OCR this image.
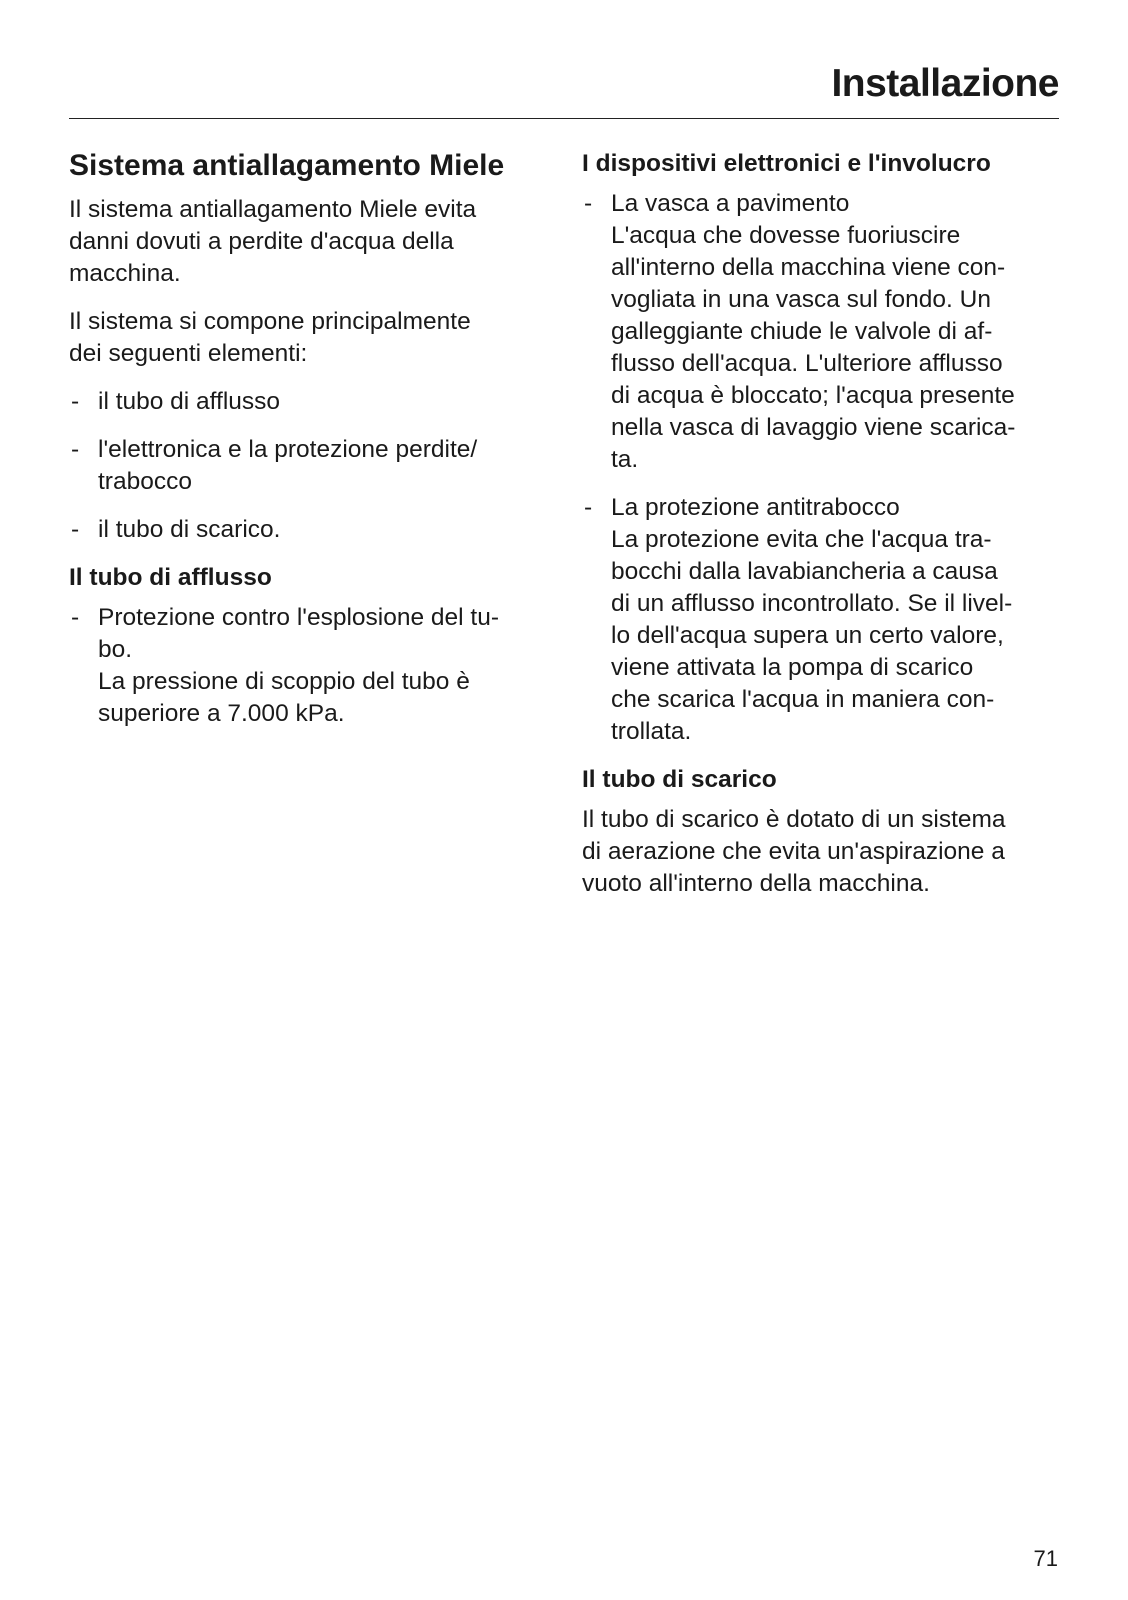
Installazione
Sistema antiallagamento Miele

Il sistema antiallagamento Miele evita
danni dovuti a perdite d'acqua della
macchina.

Il sistema si compone principalmente
dei seguenti elementi:

- il tubo di afflusso
- l'elettronica e la protezione perdite/
trabocco
- il tubo di scarico.
Il tubo di afflusso
- Protezione contro l'esplosione del tu-
bo.
La pressione di scoppio del tubo è
superiore a 7.000 kPa.
I dispositivi elettronici e l'involucro
- La vasca a pavimento
L'acqua che dovesse fuoriuscire
all'interno della macchina viene con-
vogliata in una vasca sul fondo. Un
galleggiante chiude le valvole di af-
flusso dell'acqua. L'ulteriore afflusso
di acqua è bloccato; l'acqua presente
nella vasca di lavaggio viene scarica-
ta.
- La protezione antitrabocco
La protezione evita che l'acqua tra-
bocchi dalla lavabiancheria a causa
di un afflusso incontrollato. Se il livel-
lo dell'acqua supera un certo valore,
viene attivata la pompa di scarico
che scarica l'acqua in maniera con-
trollata.
Il tubo di scarico

Il tubo di scarico è dotato di un sistema
di aerazione che evita un'aspirazione a
vuoto all'interno della macchina.

71
